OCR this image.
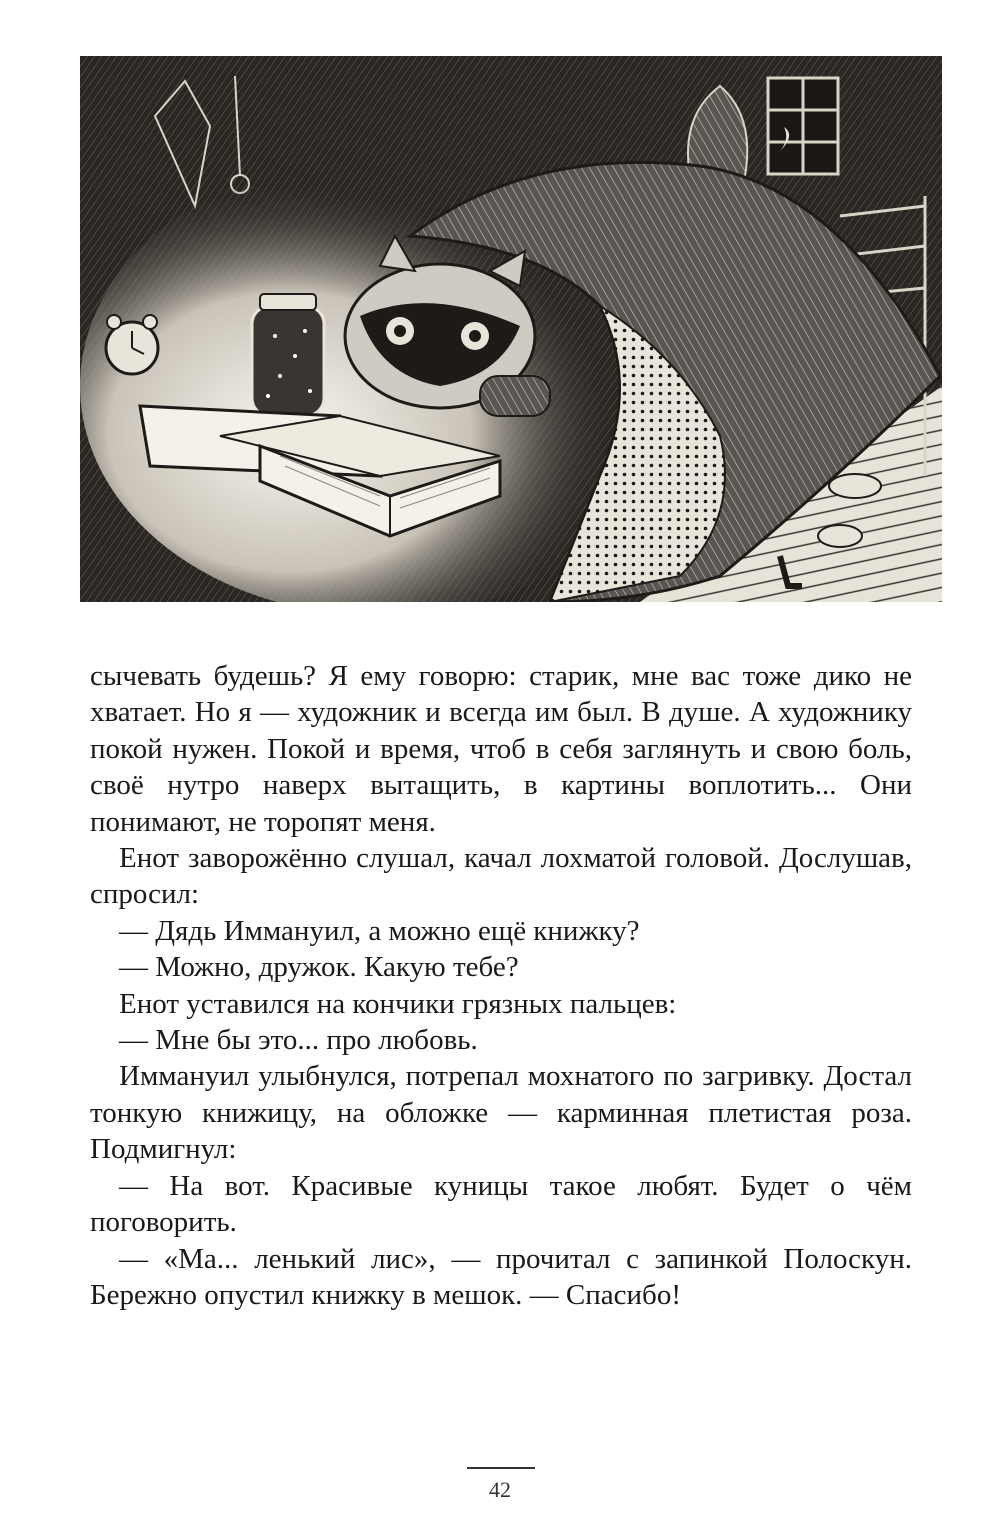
сычевать будешь? Я ему говорю: старик, мне вас тоже дико не хватает. Но я — художник и всегда им был. В душе. А художнику покой нужен. Покой и время, чтоб в себя заглянуть и свою боль, своё нутро наверх вытащить, в картины воплотить... Они понимают, не торопят меня.

Енот заворожённо слушал, качал лохматой головой. Дослушав, спросил:

— Дядь Иммануил, а можно ещё книжку?

— Можно, дружок. Какую тебе?

Енот уставился на кончики грязных пальцев:

— Мне бы это... про любовь.

Иммануил улыбнулся, потрепал мохнатого по загривку. Достал тонкую книжицу, на обложке — карминная плетистая роза. Подмигнул:

— На вот. Красивые куницы такое любят. Будет о чём поговорить.

— «Ма... ленький лис», — прочитал с запинкой Полоскун. Бережно опустил книжку в мешок. — Спасибо!

42
